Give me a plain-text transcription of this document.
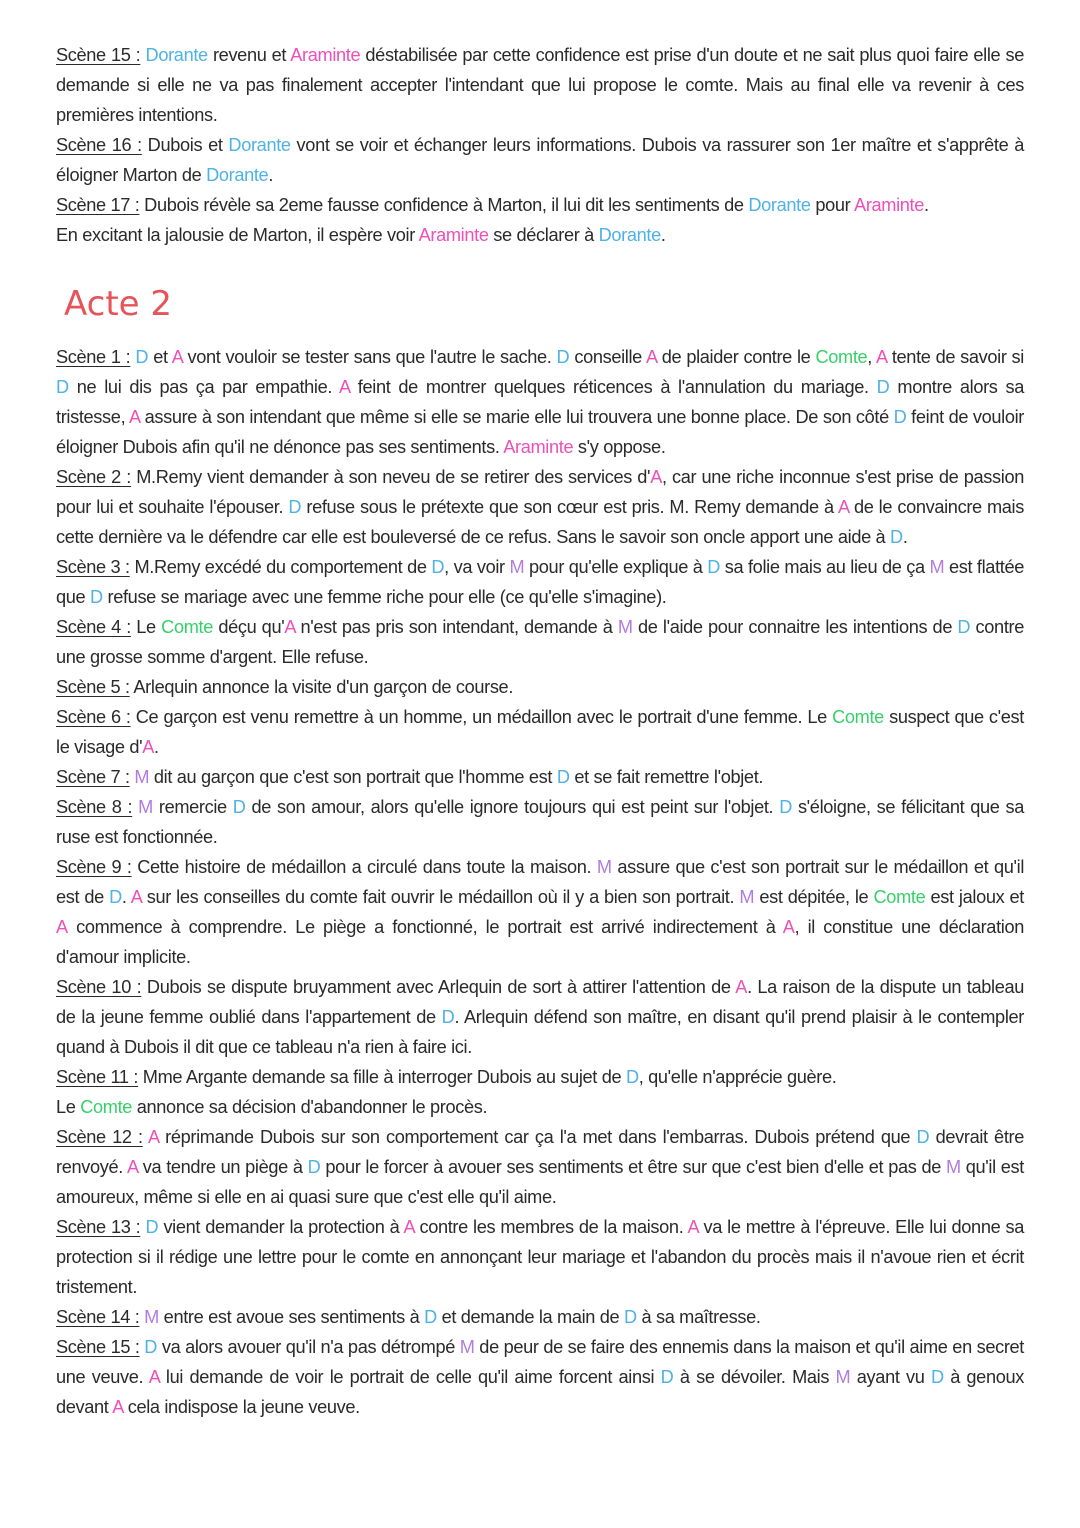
Scène 15 : Dorante revenu et Araminte déstabilisée par cette confidence est prise d'un doute et ne sait plus quoi faire elle se demande si elle ne va pas finalement accepter l'intendant que lui propose le comte. Mais au final elle va revenir à ces premières intentions.

Scène 16 : Dubois et Dorante vont se voir et échanger leurs informations. Dubois va rassurer son 1er maître et s'apprête à éloigner Marton de Dorante.

Scène 17 : Dubois révèle sa 2eme fausse confidence à Marton, il lui dit les sentiments de Dorante pour Araminte.

En excitant la jalousie de Marton, il espère voir Araminte se déclarer à Dorante.

Acte 2

Scène 1 : D et A vont vouloir se tester sans que l'autre le sache. D conseille A de plaider contre le Comte, A tente de savoir si D ne lui dis pas ça par empathie. A feint de montrer quelques réticences à l'annulation du mariage. D montre alors sa tristesse, A assure à son intendant que même si elle se marie elle lui trouvera une bonne place. De son côté D feint de vouloir éloigner Dubois afin qu'il ne dénonce pas ses sentiments. Araminte s'y oppose.

Scène 2 : M.Remy vient demander à son neveu de se retirer des services d'A, car une riche inconnue s'est prise de passion pour lui et souhaite l'épouser. D refuse sous le prétexte que son cœur est pris. M. Remy demande à A de le convaincre mais cette dernière va le défendre car elle est bouleversé de ce refus. Sans le savoir son oncle apport une aide à D.

Scène 3 : M.Remy excédé du comportement de D, va voir M pour qu'elle explique à D sa folie mais au lieu de ça M est flattée que D refuse se mariage avec une femme riche pour elle (ce qu'elle s'imagine).

Scène 4 : Le Comte déçu qu'A n'est pas pris son intendant, demande à M de l'aide pour connaitre les intentions de D contre une grosse somme d'argent. Elle refuse.

Scène 5 : Arlequin annonce la visite d'un garçon de course.

Scène 6 : Ce garçon est venu remettre à un homme, un médaillon avec le portrait d'une femme. Le Comte suspect que c'est le visage d'A.

Scène 7 : M dit au garçon que c'est son portrait que l'homme est D et se fait remettre l'objet.

Scène 8 : M remercie D de son amour, alors qu'elle ignore toujours qui est peint sur l'objet. D s'éloigne, se félicitant que sa ruse est fonctionnée.

Scène 9 : Cette histoire de médaillon a circulé dans toute la maison. M assure que c'est son portrait sur le médaillon et qu'il est de D. A sur les conseilles du comte fait ouvrir le médaillon où il y a bien son portrait. M est dépitée, le Comte est jaloux et A commence à comprendre. Le piège a fonctionné, le portrait est arrivé indirectement à A, il constitue une déclaration d'amour implicite.

Scène 10 : Dubois se dispute bruyamment avec Arlequin de sort à attirer l'attention de A. La raison de la dispute un tableau de la jeune femme oublié dans l'appartement de D. Arlequin défend son maître, en disant qu'il prend plaisir à le contempler quand à Dubois il dit que ce tableau n'a rien à faire ici.

Scène 11 : Mme Argante demande sa fille à interroger Dubois au sujet de D, qu'elle n'apprécie guère.

Le Comte annonce sa décision d'abandonner le procès.

Scène 12 : A réprimande Dubois sur son comportement car ça l'a met dans l'embarras. Dubois prétend que D devrait être renvoyé. A va tendre un piège à D pour le forcer à avouer ses sentiments et être sur que c'est bien d'elle et pas de M qu'il est amoureux, même si elle en ai quasi sure que c'est elle qu'il aime.

Scène 13 : D vient demander la protection à A contre les membres de la maison. A va le mettre à l'épreuve. Elle lui donne sa protection si il rédige une lettre pour le comte en annonçant leur mariage et l'abandon du procès mais il n'avoue rien et écrit tristement.

Scène 14 : M entre est avoue ses sentiments à D et demande la main de D à sa maîtresse.

Scène 15 : D va alors avouer qu'il n'a pas détrompé M de peur de se faire des ennemis dans la maison et qu'il aime en secret une veuve. A lui demande de voir le portrait de celle qu'il aime forcent ainsi D à se dévoiler. Mais M ayant vu D à genoux devant A cela indispose la jeune veuve.
